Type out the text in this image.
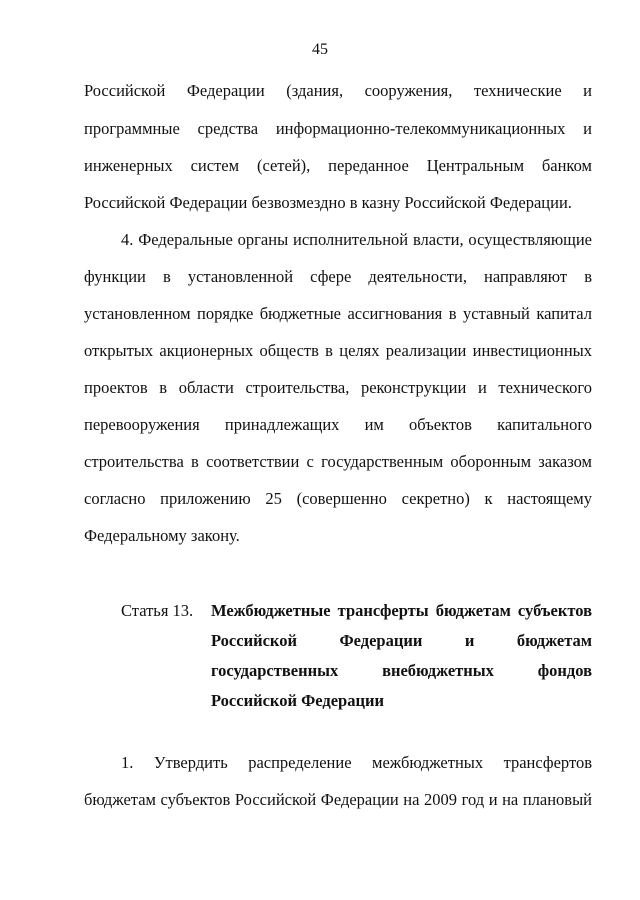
45
Российской Федерации (здания, сооружения, технические и
программные средства информационно-телекоммуникационных и
инженерных систем (сетей), переданное Центральным банком
Российской Федерации безвозмездно в казну Российской Федерации.
4. Федеральные органы исполнительной власти, осуществляющие
функции в установленной сфере деятельности, направляют в
установленном порядке бюджетные ассигнования в уставный капитал
открытых акционерных обществ в целях реализации инвестиционных
проектов в области строительства, реконструкции и технического
перевооружения принадлежащих им объектов капитального
строительства в соответствии с государственным оборонным заказом
согласно приложению 25 (совершенно секретно) к настоящему
Федеральному закону.
Статья 13. Межбюджетные трансферты бюджетам субъектов
Российской Федерации и бюджетам
государственных внебюджетных фондов
Российской Федерации
1. Утвердить распределение межбюджетных трансфертов
бюджетам субъектов Российской Федерации на 2009 год и на плановый
